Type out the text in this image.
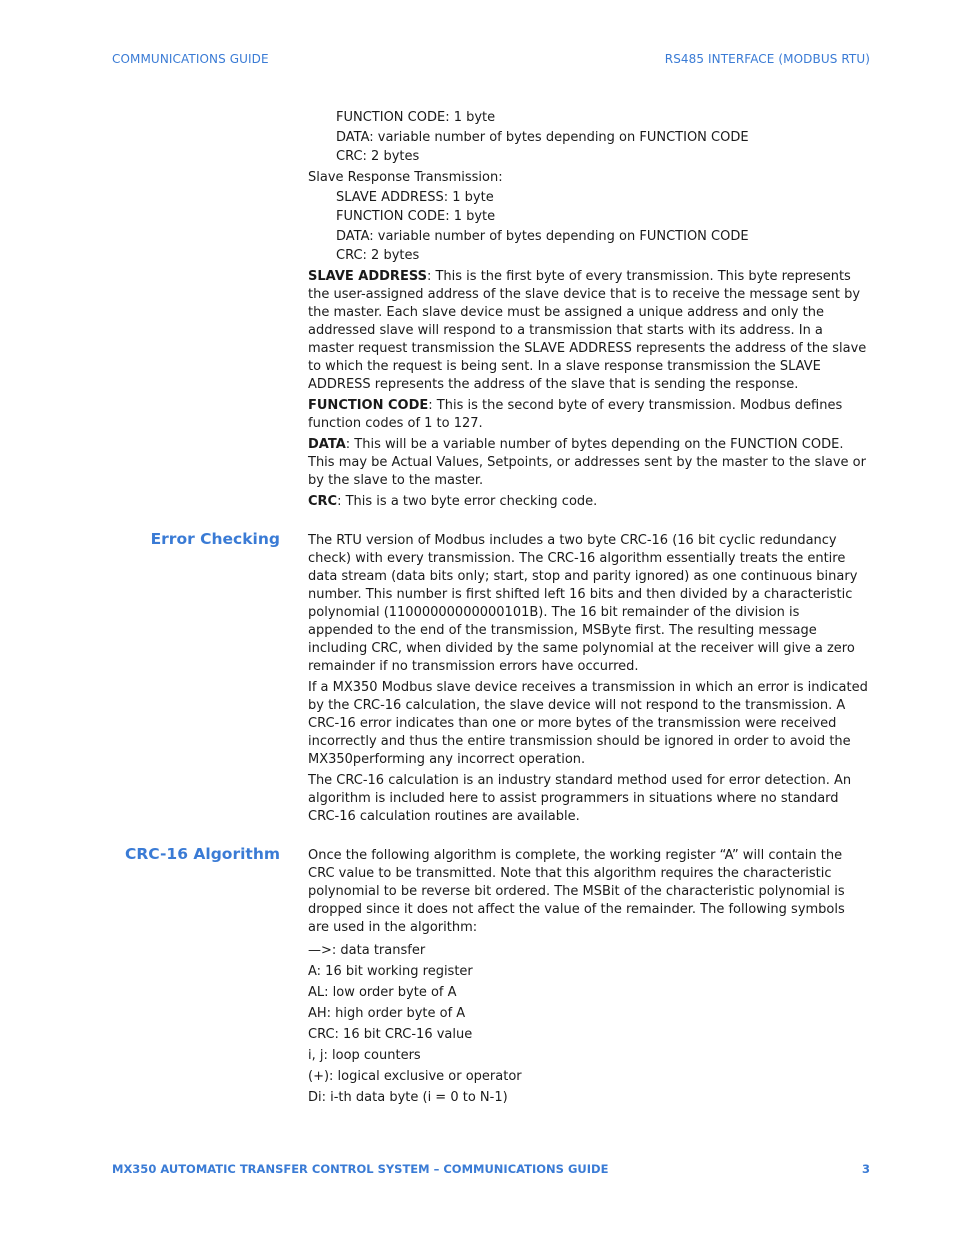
COMMUNICATIONS GUIDE	RS485 INTERFACE (MODBUS RTU)

FUNCTION CODE: 1 byte

DATA: variable number of bytes depending on FUNCTION CODE

CRC: 2 bytes

Slave Response Transmission:

SLAVE ADDRESS: 1 byte

FUNCTION CODE: 1 byte

DATA: variable number of bytes depending on FUNCTION CODE

CRC: 2 bytes

SLAVE ADDRESS: This is the first byte of every transmission. This byte represents the user-assigned address of the slave device that is to receive the message sent by the master. Each slave device must be assigned a unique address and only the addressed slave will respond to a transmission that starts with its address. In a master request transmission the SLAVE ADDRESS represents the address of the slave to which the request is being sent. In a slave response transmission the SLAVE ADDRESS represents the address of the slave that is sending the response.

FUNCTION CODE: This is the second byte of every transmission. Modbus defines function codes of 1 to 127.

DATA: This will be a variable number of bytes depending on the FUNCTION CODE. This may be Actual Values, Setpoints, or addresses sent by the master to the slave or by the slave to the master.

CRC: This is a two byte error checking code.

Error Checking The RTU version of Modbus includes a two byte CRC-16 (16 bit cyclic redundancy check) with every transmission. The CRC-16 algorithm essentially treats the entire data stream (data bits only; start, stop and parity ignored) as one continuous binary number. This number is first shifted left 16 bits and then divided by a characteristic polynomial (11000000000000101B). The 16 bit remainder of the division is appended to the end of the transmission, MSByte first. The resulting message including CRC, when divided by the same polynomial at the receiver will give a zero remainder if no transmission errors have occurred.

If a MX350 Modbus slave device receives a transmission in which an error is indicated by the CRC-16 calculation, the slave device will not respond to the transmission. A CRC-16 error indicates than one or more bytes of the transmission were received incorrectly and thus the entire transmission should be ignored in order to avoid the MX350performing any incorrect operation.

The CRC-16 calculation is an industry standard method used for error detection. An algorithm is included here to assist programmers in situations where no standard CRC-16 calculation routines are available.

CRC-16 Algorithm Once the following algorithm is complete, the working register “A” will contain the CRC value to be transmitted. Note that this algorithm requires the characteristic polynomial to be reverse bit ordered. The MSBit of the characteristic polynomial is dropped since it does not affect the value of the remainder. The following symbols are used in the algorithm:

—>: data transfer

A: 16 bit working register

AL: low order byte of A

AH: high order byte of A

CRC: 16 bit CRC-16 value

i, j: loop counters

(+): logical exclusive or operator

Di: i-th data byte (i = 0 to N-1)

MX350 AUTOMATIC TRANSFER CONTROL SYSTEM – COMMUNICATIONS GUIDE	3
